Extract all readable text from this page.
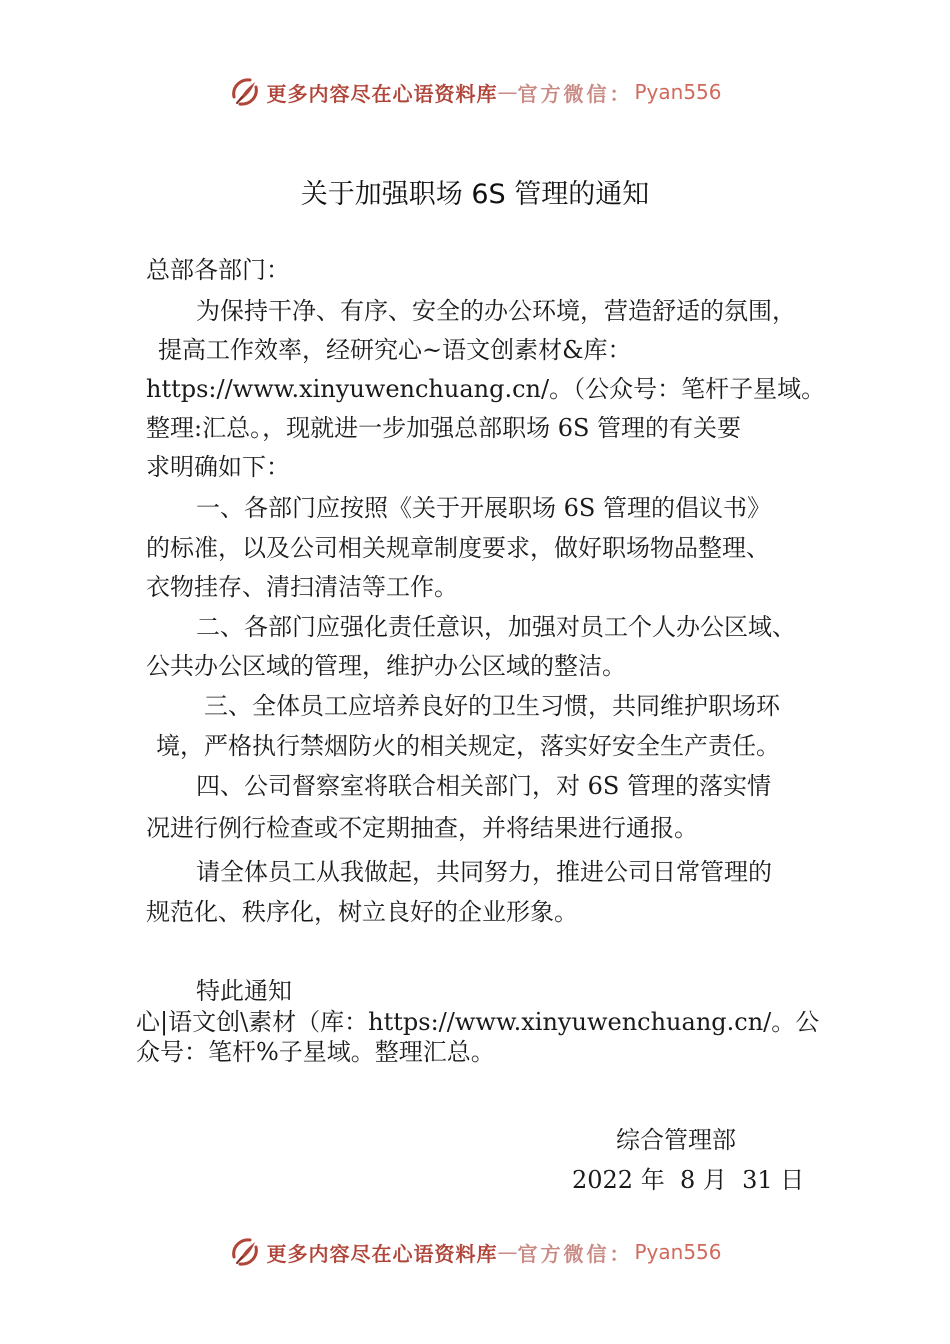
更多内容尽在心语资料库 — 官方微信： Pyan556
关于加强职场 6S 管理的通知
总部各部门：
为保持干净、有序、安全的办公环境，营造舒适的氛围，
提高工作效率，经研究心~语文创素材&库：
https://www.xinyuwenchuang.cn/。（公众号：笔杆子星域。
整理:汇总。，现就进一步加强总部职场 6S 管理的有关要
求明确如下：
一、各部门应按照《关于开展职场 6S 管理的倡议书》
的标准，以及公司相关规章制度要求，做好职场物品整理、
衣物挂存、清扫清洁等工作。
二、各部门应强化责任意识，加强对员工个人办公区域、
公共办公区域的管理，维护办公区域的整洁。
三、全体员工应培养良好的卫生习惯，共同维护职场环
境，严格执行禁烟防火的相关规定，落实好安全生产责任。
四、公司督察室将联合相关部门，对 6S 管理的落实情
况进行例行检查或不定期抽查，并将结果进行通报。
请全体员工从我做起，共同努力，推进公司日常管理的
规范化、秩序化，树立良好的企业形象。
特此通知
心|语文创\素材（库：https://www.xinyuwenchuang.cn/。公
众号：笔杆%子星域。整理汇总。
综合管理部
2022 年  8 月  31 日
更多内容尽在心语资料库 — 官方微信： Pyan556
